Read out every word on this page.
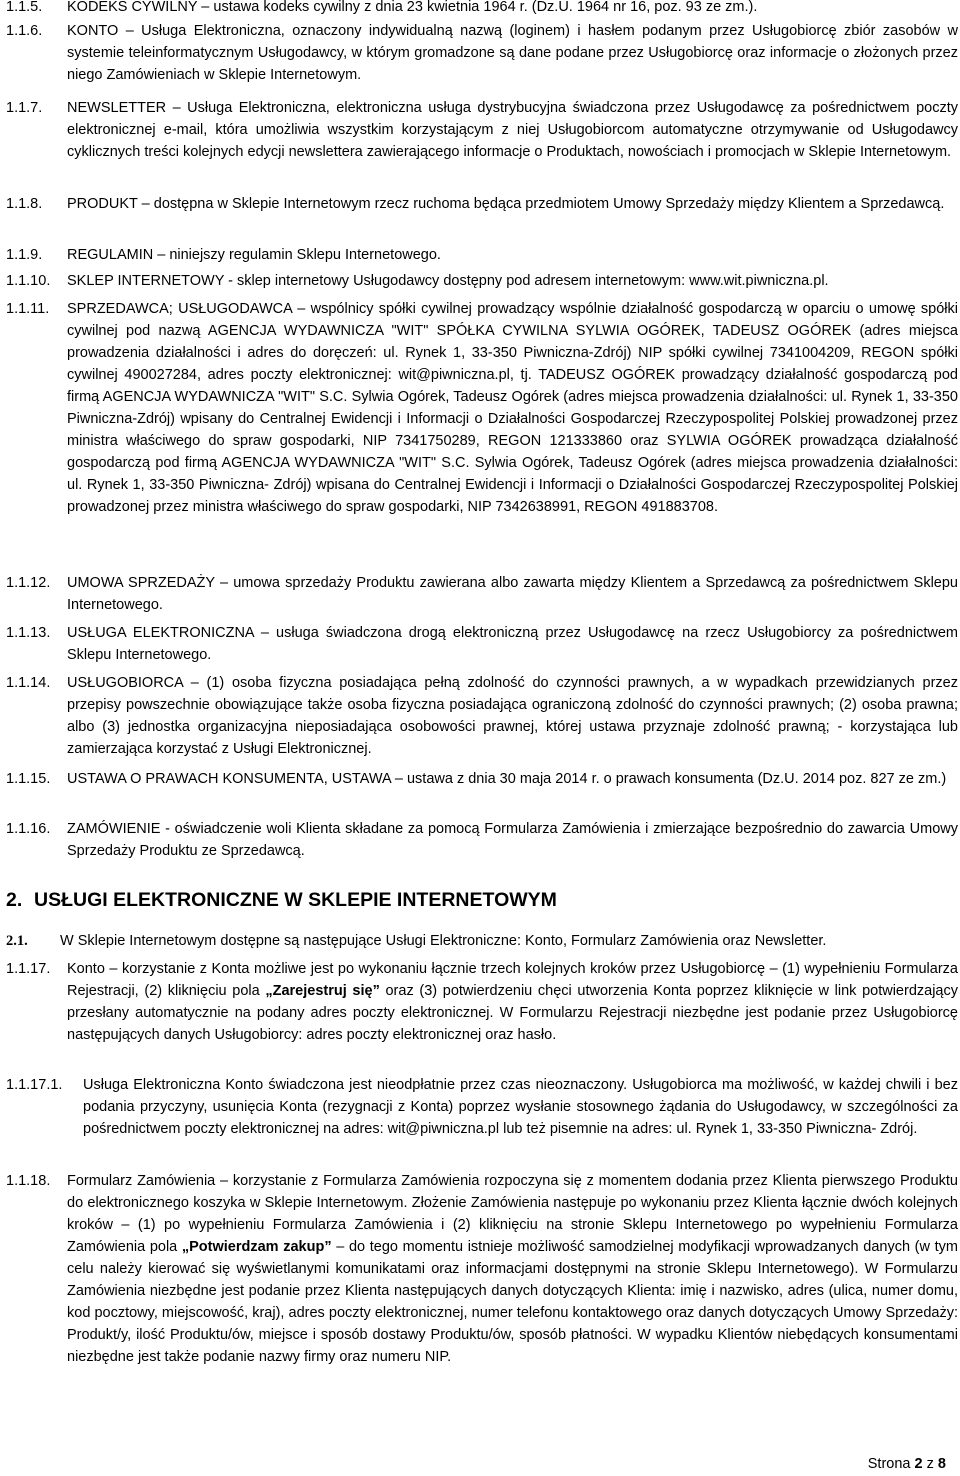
1.1.5. KODEKS CYWILNY – ustawa kodeks cywilny z dnia 23 kwietnia 1964 r. (Dz.U. 1964 nr 16, poz. 93 ze zm.).
1.1.6. KONTO – Usługa Elektroniczna, oznaczony indywidualną nazwą (loginem) i hasłem podanym przez Usługobiorcę zbiór zasobów w systemie teleinformatycznym Usługodawcy, w którym gromadzone są dane podane przez Usługobiorcę oraz informacje o złożonych przez niego Zamówieniach w Sklepie Internetowym.
1.1.7. NEWSLETTER – Usługa Elektroniczna, elektroniczna usługa dystrybucyjna świadczona przez Usługodawcę za pośrednictwem poczty elektronicznej e-mail, która umożliwia wszystkim korzystającym z niej Usługobiorcom automatyczne otrzymywanie od Usługodawcy cyklicznych treści kolejnych edycji newslettera zawierającego informacje o Produktach, nowościach i promocjach w Sklepie Internetowym.
1.1.8. PRODUKT – dostępna w Sklepie Internetowym rzecz ruchoma będąca przedmiotem Umowy Sprzedaży między Klientem a Sprzedawcą.
1.1.9. REGULAMIN – niniejszy regulamin Sklepu Internetowego.
1.1.10. SKLEP INTERNETOWY - sklep internetowy Usługodawcy dostępny pod adresem internetowym: www.wit.piwniczna.pl.
1.1.11. SPRZEDAWCA; USŁUGODAWCA – wspólnicy spółki cywilnej prowadzący wspólnie działalność gospodarczą w oparciu o umowę spółki cywilnej pod nazwą AGENCJA WYDAWNICZA "WIT" SPÓŁKA CYWILNA SYLWIA OGÓREK, TADEUSZ OGÓREK (adres miejsca prowadzenia działalności i adres do doręczeń: ul. Rynek 1, 33-350 Piwniczna-Zdrój) NIP spółki cywilnej 7341004209, REGON spółki cywilnej 490027284, adres poczty elektronicznej: wit@piwniczna.pl, tj. TADEUSZ OGÓREK prowadzący działalność gospodarczą pod firmą AGENCJA WYDAWNICZA "WIT" S.C. Sylwia Ogórek, Tadeusz Ogórek (adres miejsca prowadzenia działalności: ul. Rynek 1, 33-350 Piwniczna-Zdrój) wpisany do Centralnej Ewidencji i Informacji o Działalności Gospodarczej Rzeczypospolitej Polskiej prowadzonej przez ministra właściwego do spraw gospodarki, NIP 7341750289, REGON 121333860 oraz SYLWIA OGÓREK prowadząca działalność gospodarczą pod firmą AGENCJA WYDAWNICZA "WIT" S.C. Sylwia Ogórek, Tadeusz Ogórek (adres miejsca prowadzenia działalności: ul. Rynek 1, 33-350 Piwniczna- Zdrój) wpisana do Centralnej Ewidencji i Informacji o Działalności Gospodarczej Rzeczypospolitej Polskiej prowadzonej przez ministra właściwego do spraw gospodarki, NIP 7342638991, REGON 491883708.
1.1.12. UMOWA SPRZEDAŻY – umowa sprzedaży Produktu zawierana albo zawarta między Klientem a Sprzedawcą za pośrednictwem Sklepu Internetowego.
1.1.13. USŁUGA ELEKTRONICZNA – usługa świadczona drogą elektroniczną przez Usługodawcę na rzecz Usługobiorcy za pośrednictwem Sklepu Internetowego.
1.1.14. USŁUGOBIORCA – (1) osoba fizyczna posiadająca pełną zdolność do czynności prawnych, a w wypadkach przewidzianych przez przepisy powszechnie obowiązujące także osoba fizyczna posiadająca ograniczoną zdolność do czynności prawnych; (2) osoba prawna; albo (3) jednostka organizacyjna nieposiadająca osobowości prawnej, której ustawa przyznaje zdolność prawną; - korzystająca lub zamierzająca korzystać z Usługi Elektronicznej.
1.1.15. USTAWA O PRAWACH KONSUMENTA, USTAWA – ustawa z dnia 30 maja 2014 r. o prawach konsumenta (Dz.U. 2014 poz. 827 ze zm.)
1.1.16. ZAMÓWIENIE - oświadczenie woli Klienta składane za pomocą Formularza Zamówienia i zmierzające bezpośrednio do zawarcia Umowy Sprzedaży Produktu ze Sprzedawcą.
2. USŁUGI ELEKTRONICZNE W SKLEPIE INTERNETOWYM
2.1. W Sklepie Internetowym dostępne są następujące Usługi Elektroniczne: Konto, Formularz Zamówienia oraz Newsletter.
1.1.17. Konto – korzystanie z Konta możliwe jest po wykonaniu łącznie trzech kolejnych kroków przez Usługobiorcę – (1) wypełnieniu Formularza Rejestracji, (2) kliknięciu pola „Zarejestruj się” oraz (3) potwierdzeniu chęci utworzenia Konta poprzez kliknięcie w link potwierdzający przesłany automatycznie na podany adres poczty elektronicznej. W Formularzu Rejestracji niezbędne jest podanie przez Usługobiorcę następujących danych Usługobiorcy: adres poczty elektronicznej oraz hasło.
1.1.17.1. Usługa Elektroniczna Konto świadczona jest nieodpłatnie przez czas nieoznaczony. Usługobiorca ma możliwość, w każdej chwili i bez podania przyczyny, usunięcia Konta (rezygnacji z Konta) poprzez wysłanie stosownego żądania do Usługodawcy, w szczególności za pośrednictwem poczty elektronicznej na adres: wit@piwniczna.pl lub też pisemnie na adres: ul. Rynek 1, 33-350 Piwniczna- Zdrój.
1.1.18. Formularz Zamówienia – korzystanie z Formularza Zamówienia rozpoczyna się z momentem dodania przez Klienta pierwszego Produktu do elektronicznego koszyka w Sklepie Internetowym. Złożenie Zamówienia następuje po wykonaniu przez Klienta łącznie dwóch kolejnych kroków – (1) po wypełnieniu Formularza Zamówienia i (2) kliknięciu na stronie Sklepu Internetowego po wypełnieniu Formularza Zamówienia pola „Potwierdzam zakup” – do tego momentu istnieje możliwość samodzielnej modyfikacji wprowadzanych danych (w tym celu należy kierować się wyświetlanymi komunikatami oraz informacjami dostępnymi na stronie Sklepu Internetowego). W Formularzu Zamówienia niezbędne jest podanie przez Klienta następujących danych dotyczących Klienta: imię i nazwisko, adres (ulica, numer domu, kod pocztowy, miejscowość, kraj), adres poczty elektronicznej, numer telefonu kontaktowego oraz danych dotyczących Umowy Sprzedaży: Produkt/y, ilość Produktu/ów, miejsce i sposób dostawy Produktu/ów, sposób płatności. W wypadku Klientów niebędących konsumentami niezbędne jest także podanie nazwy firmy oraz numeru NIP.
Strona 2 z 8
